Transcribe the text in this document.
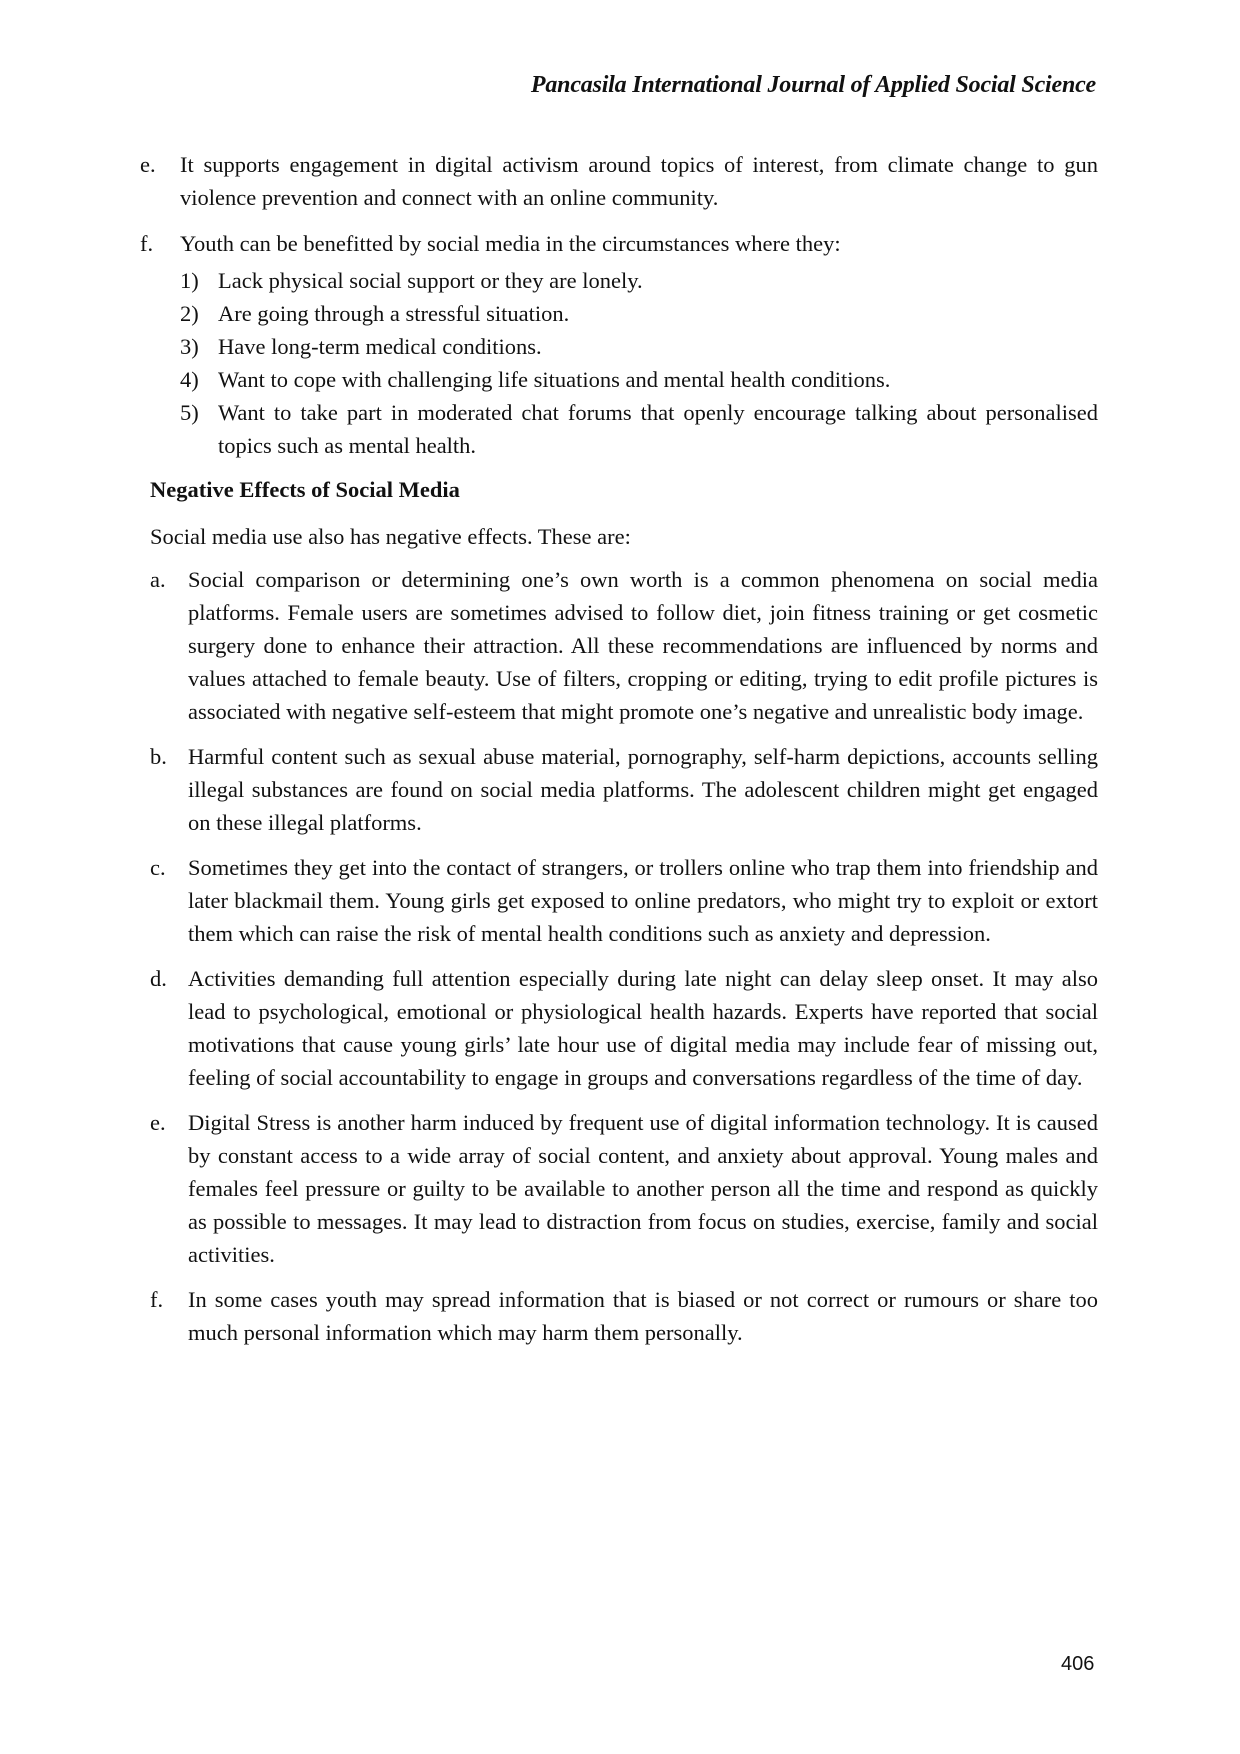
Pancasila International Journal of Applied Social Science
e. It supports engagement in digital activism around topics of interest, from climate change to gun violence prevention and connect with an online community.
f. Youth can be benefitted by social media in the circumstances where they:
1) Lack physical social support or they are lonely.
2) Are going through a stressful situation.
3) Have long-term medical conditions.
4) Want to cope with challenging life situations and mental health conditions.
5) Want to take part in moderated chat forums that openly encourage talking about personalised topics such as mental health.
Negative Effects of Social Media
Social media use also has negative effects. These are:
a. Social comparison or determining one’s own worth is a common phenomena on social media platforms. Female users are sometimes advised to follow diet, join fitness training or get cosmetic surgery done to enhance their attraction. All these recommendations are influenced by norms and values attached to female beauty. Use of filters, cropping or editing, trying to edit profile pictures is associated with negative self-esteem that might promote one’s negative and unrealistic body image.
b. Harmful content such as sexual abuse material, pornography, self-harm depictions, accounts selling illegal substances are found on social media platforms. The adolescent children might get engaged on these illegal platforms.
c. Sometimes they get into the contact of strangers, or trollers online who trap them into friendship and later blackmail them. Young girls get exposed to online predators, who might try to exploit or extort them which can raise the risk of mental health conditions such as anxiety and depression.
d. Activities demanding full attention especially during late night can delay sleep onset. It may also lead to psychological, emotional or physiological health hazards. Experts have reported that social motivations that cause young girls’ late hour use of digital media may include fear of missing out, feeling of social accountability to engage in groups and conversations regardless of the time of day.
e. Digital Stress is another harm induced by frequent use of digital information technology. It is caused by constant access to a wide array of social content, and anxiety about approval. Young males and females feel pressure or guilty to be available to another person all the time and respond as quickly as possible to messages. It may lead to distraction from focus on studies, exercise, family and social activities.
f. In some cases youth may spread information that is biased or not correct or rumours or share too much personal information which may harm them personally.
406
